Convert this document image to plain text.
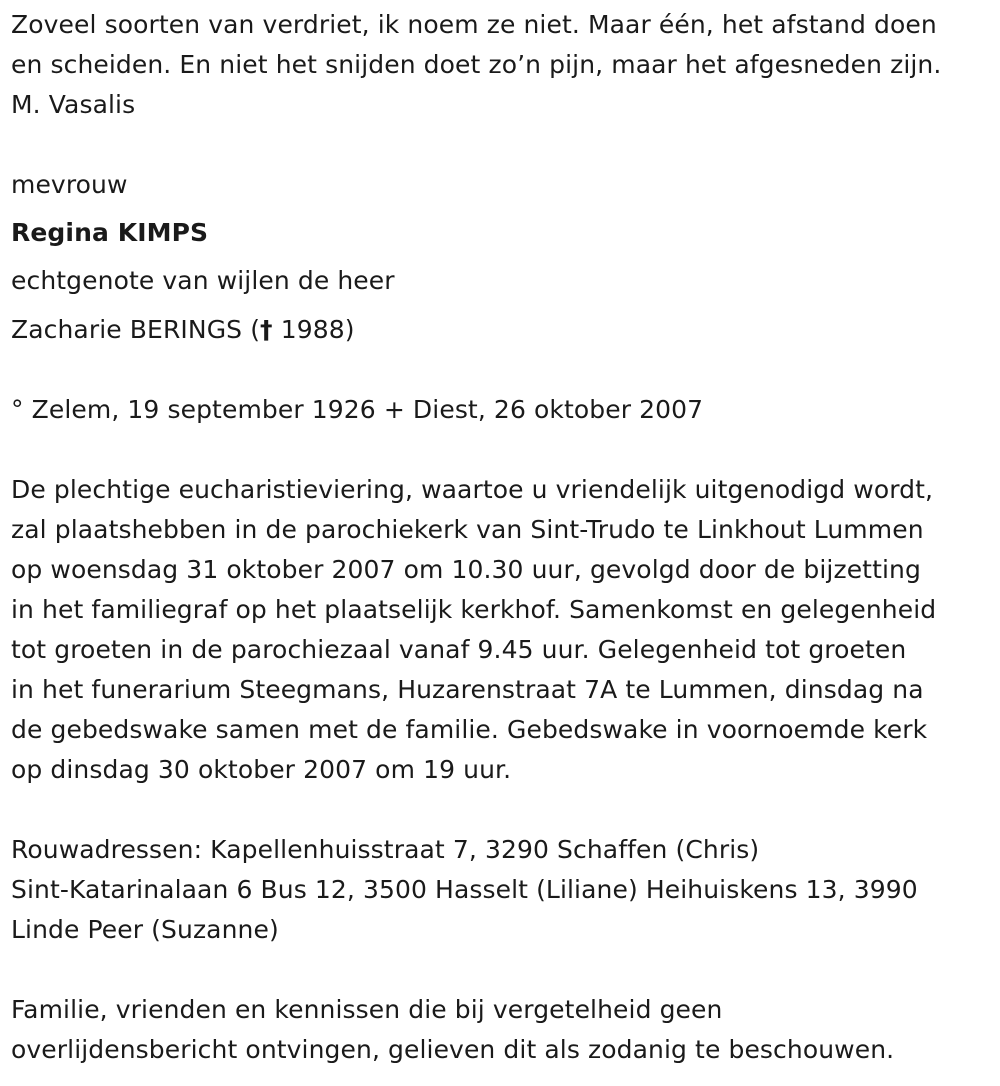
Zoveel soorten van verdriet, ik noem ze niet. Maar één, het afstand doen
en scheiden. En niet het snijden doet zo’n pijn, maar het afgesneden zijn.
M. Vasalis
mevrouw
Regina KIMPS
echtgenote van wijlen de heer
Zacharie BERINGS († 1988)
° Zelem, 19 september 1926 + Diest, 26 oktober 2007
De plechtige eucharistieviering, waartoe u vriendelijk uitgenodigd wordt,
zal plaatshebben in de parochiekerk van Sint-Trudo te Linkhout Lummen
op woensdag 31 oktober 2007 om 10.30 uur, gevolgd door de bijzetting
in het familiegraf op het plaatselijk kerkhof. Samenkomst en gelegenheid
tot groeten in de parochiezaal vanaf 9.45 uur. Gelegenheid tot groeten
in het funerarium Steegmans, Huzarenstraat 7A te Lummen, dinsdag na
de gebedswake samen met de familie. Gebedswake in voornoemde kerk
op dinsdag 30 oktober 2007 om 19 uur.
Rouwadressen: Kapellenhuisstraat 7, 3290 Schaffen (Chris)
Sint-Katarinalaan 6 Bus 12, 3500 Hasselt (Liliane) Heihuiskens 13, 3990
Linde Peer (Suzanne)
Familie, vrienden en kennissen die bij vergetelheid geen
overlijdensbericht ontvingen, gelieven dit als zodanig te beschouwen.
